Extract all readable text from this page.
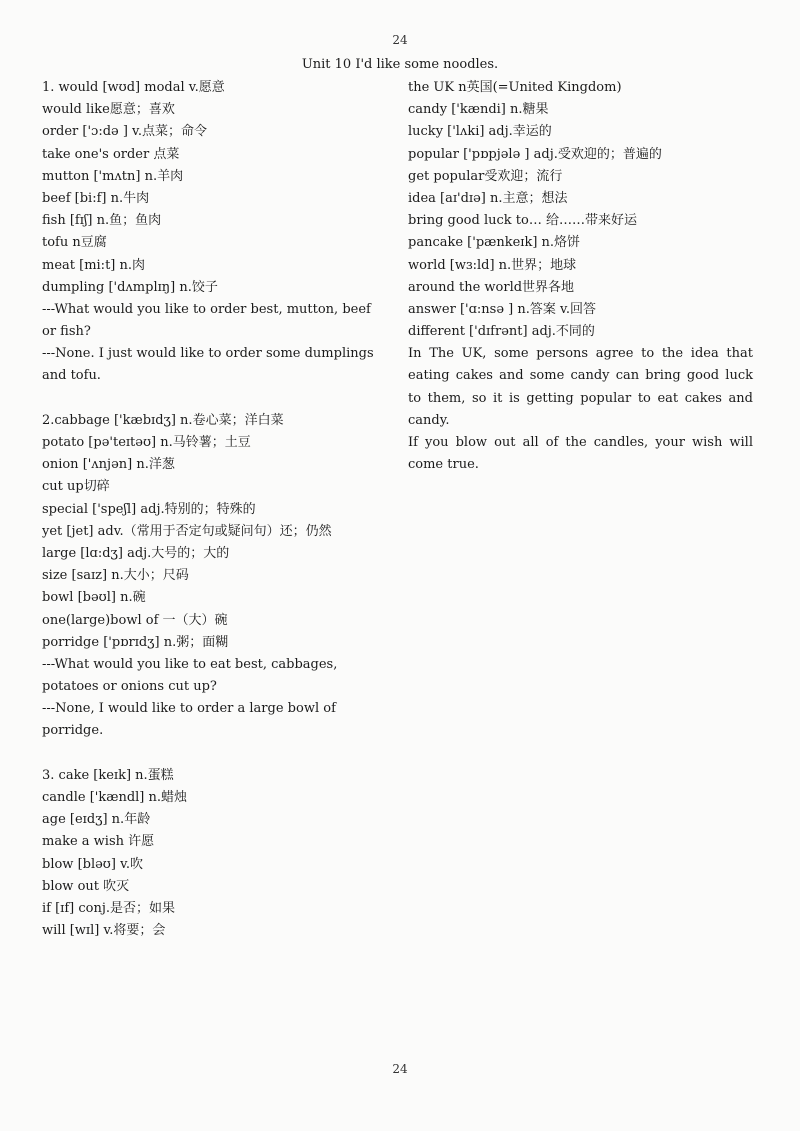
24
Unit 10 I'd like some noodles.
1. would [wʊd] modal v.愿意
would like愿意；喜欢
order ['ɔ:də ] v.点菜；命令
take one's order 点菜
mutton ['mʌtn] n.羊肉
beef [bi:f] n.牛肉
fish [fɪʃ] n.鱼；鱼肉
tofu n豆腐
meat [mi:t] n.肉
dumpling ['dʌmplɪŋ] n.饺子
---What would you like to order best, mutton, beef
or fish?
---None. I just would like to order some dumplings
and tofu.
2.cabbage ['kæbɪdʒ] n.卷心菜；洋白菜
potato [pə'teɪtəʊ] n.马铃薯；土豆
onion ['ʌnjən] n.洋葱
cut up切碎
special ['speʃl] adj.特别的；特殊的
yet [jet] adv.（常用于否定句或疑问句）还；仍然
large [lɑ:dʒ] adj.大号的；大的
size [saɪz] n.大小；尺码
bowl [bəʊl] n.碗
one(large)bowl of 一（大）碗
porridge ['pɒrɪdʒ] n.粥；面糊
---What would you like to eat best, cabbages,
potatoes or onions cut up?
---None, I would like to order a large bowl of
porridge.
3. cake [keɪk] n.蛋糕
candle ['kændl] n.蜡烛
age [eɪdʒ] n.年龄
make a wish 许愿
blow [bləʊ] v.吹
blow out 吹灭
if [ɪf] conj.是否；如果
will [wɪl] v.将要；会
the UK n英国(=United Kingdom)
candy ['kændi] n.糖果
lucky ['lʌki] adj.幸运的
popular ['pɒpjələ ] adj.受欢迎的；普遍的
get popular受欢迎；流行
idea [aɪ'dɪə] n.主意；想法
bring good luck to… 给……带来好运
pancake ['pænkeɪk] n.烙饼
world [wɜ:ld] n.世界；地球
around the world世界各地
answer ['ɑ:nsə ] n.答案 v.回答
different ['dɪfrənt] adj.不同的
In The UK, some persons agree to the idea that eating cakes and some candy can bring good luck to them, so it is getting popular to eat cakes and candy.
If you blow out all of the candles, your wish will come true.
24
